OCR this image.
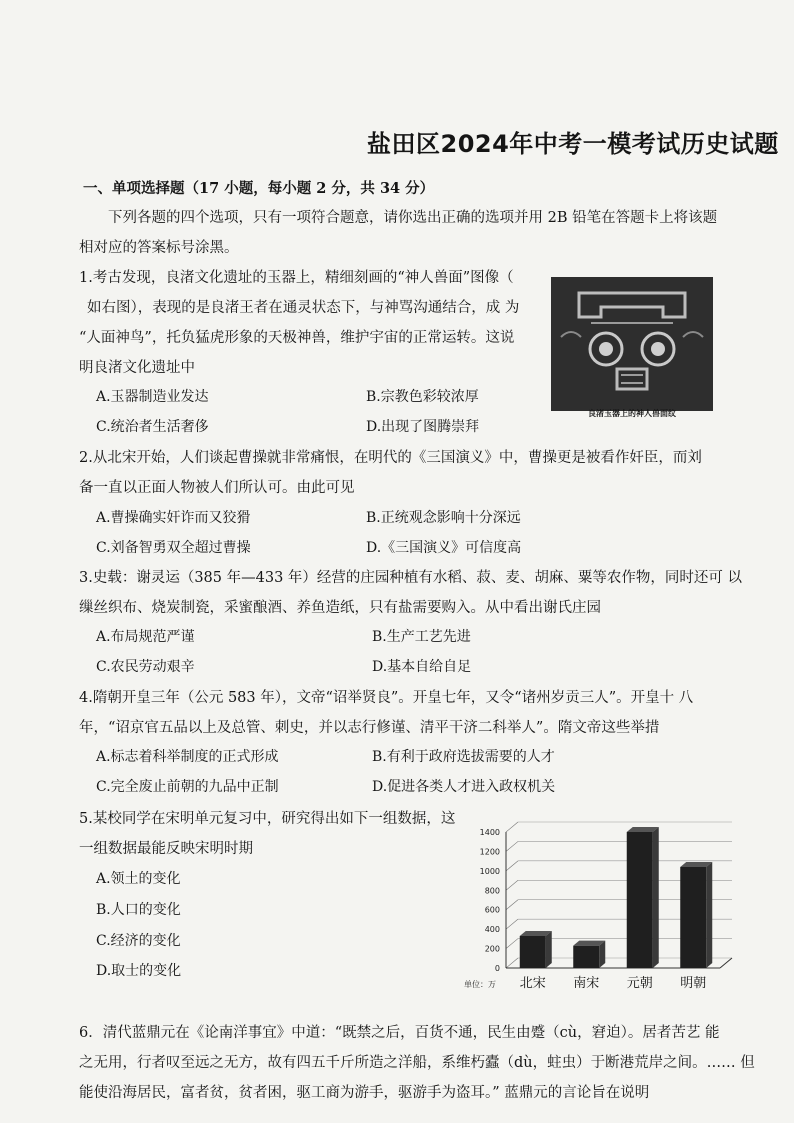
盐田区2024年中考一模考试历史试题
一、单项选择题（17 小题，每小题 2 分，共 34 分）
下列各题的四个选项，只有一项符合题意，请你选出正确的选项并用 2B 铅笔在答题卡上将该题
相对应的答案标号涂黑。
1.考古发现，良渚文化遗址的玉器上，精细刻画的“神人兽面”图像（
如右图），表现的是良渚王者在通灵状态下，与神骂沟通结合，成 为
“人面神鸟”，托负猛虎形象的天极神兽，维护宇宙的正常运转。这说
明良渚文化遗址中
A.玉器制造业发达	B.宗教色彩较浓厚
C.统治者生活奢侈	D.出现了图腾崇拜
良渚玉器上的神人兽面纹
2.从北宋开始，人们谈起曹操就非常痛恨，在明代的《三国演义》中，曹操更是被看作奸臣，而刘
备一直以正面人物被人们所认可。由此可见
A.曹操确实奸诈而又狡猾	B.正统观念影响十分深远
C.刘备智勇双全超过曹操	D.《三国演义》可信度高
3.史载：谢灵运（385 年—433 年）经营的庄园种植有水稻、菽、麦、胡麻、粟等农作物，同时还可 以
缫丝织布、烧炭制瓷，采蜜酿酒、养鱼造纸，只有盐需要购入。从中看出谢氏庄园
A.布局规范严谨	B.生产工艺先进
C.农民劳动艰辛	D.基本自给自足
4.隋朝开皇三年（公元 583 年），文帝“诏举贤良”。开皇七年，又令“诸州岁贡三人”。开皇十 八
年，“诏京官五品以上及总管、刺史，并以志行修谨、清平干济二科举人”。隋文帝这些举措
A.标志着科举制度的正式形成	B.有利于政府选拔需要的人才
C.完全废止前朝的九品中正制	D.促进各类人才进入政权机关
5.某校同学在宋明单元复习中，研究得出如下一组数据，这
一组数据最能反映宋明时期
A.领土的变化
B.人口的变化
C.经济的变化
D.取士的变化	0
200
400
600
800
1000
1200
1400
北宋 南宋 元朝 明朝
单位：万
6．清代蓝鼎元在《论南洋事宜》中道：“既禁之后，百货不通，民生由蹙（cù，窘迫）。居者苦艺 能
之无用，行者叹至远之无方，故有四五千斤所造之洋船，系维朽蠹（dù，蛀虫）于断港荒岸之间。…… 但
能使沿海居民，富者贫，贫者困，驱工商为游手，驱游手为盗耳。” 蓝鼎元的言论旨在说明
